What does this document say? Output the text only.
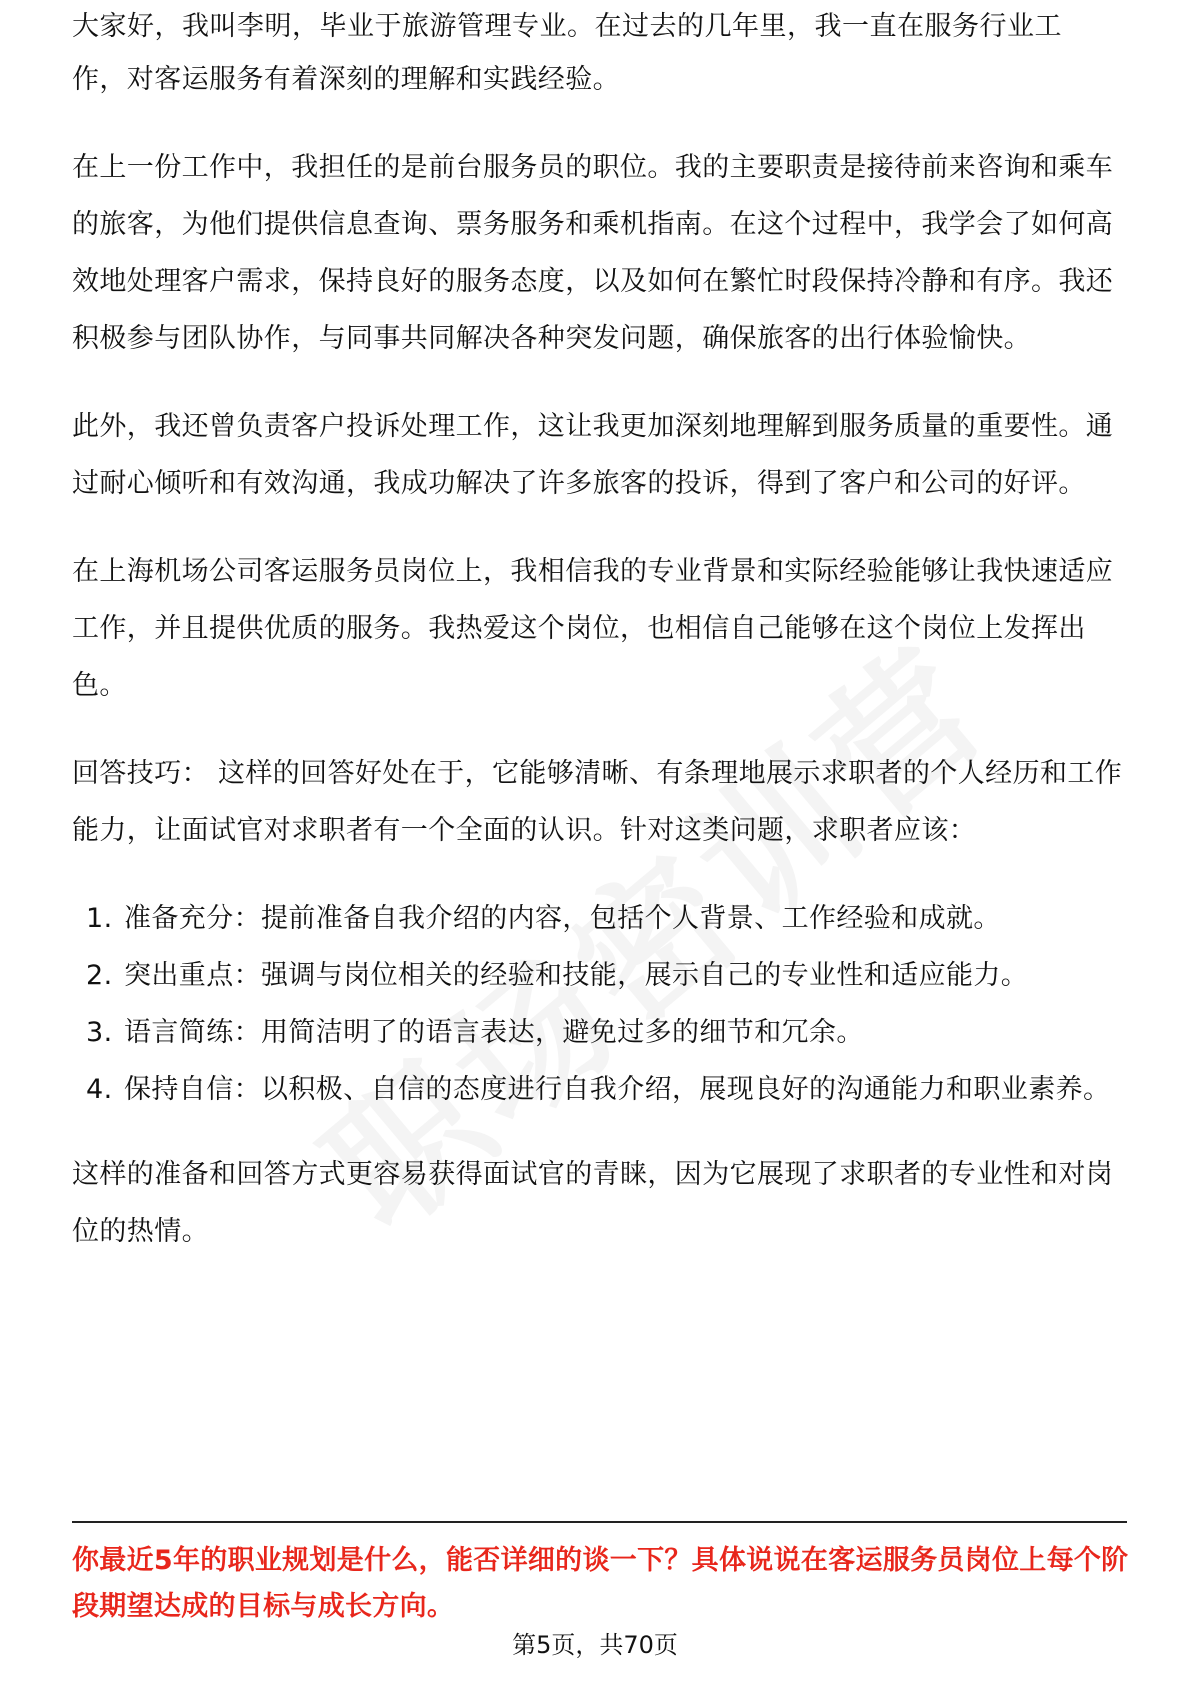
大家好，我叫李明，毕业于旅游管理专业。在过去的几年里，我一直在服务行业工

作，对客运服务有着深刻的理解和实践经验。

在上一份工作中，我担任的是前台服务员的职位。我的主要职责是接待前来咨询和乘车的旅客，为他们提供信息查询、票务服务和乘机指南。在这个过程中，我学会了如何高效地处理客户需求，保持良好的服务态度，以及如何在繁忙时段保持冷静和有序。我还积极参与团队协作，与同事共同解决各种突发问题，确保旅客的出行体验愉快。

此外，我还曾负责客户投诉处理工作，这让我更加深刻地理解到服务质量的重要性。通过耐心倾听和有效沟通，我成功解决了许多旅客的投诉，得到了客户和公司的好评。

在上海机场公司客运服务员岗位上，我相信我的专业背景和实际经验能够让我快速适应工作，并且提供优质的服务。我热爱这个岗位，也相信自己能够在这个岗位上发挥出色。

回答技巧： 这样的回答好处在于，它能够清晰、有条理地展示求职者的个人经历和工作能力，让面试官对求职者有一个全面的认识。针对这类问题，求职者应该：

1. 准备充分：提前准备自我介绍的内容，包括个人背景、工作经验和成就。
2. 突出重点：强调与岗位相关的经验和技能，展示自己的专业性和适应能力。
3. 语言简练：用简洁明了的语言表达，避免过多的细节和冗余。
4. 保持自信：以积极、自信的态度进行自我介绍，展现良好的沟通能力和职业素养。

这样的准备和回答方式更容易获得面试官的青睐，因为它展现了求职者的专业性和对岗位的热情。

你最近5年的职业规划是什么，能否详细的谈一下？具体说说在客运服务员岗位上每个阶段期望达成的目标与成长方向。
第5页，共70页
